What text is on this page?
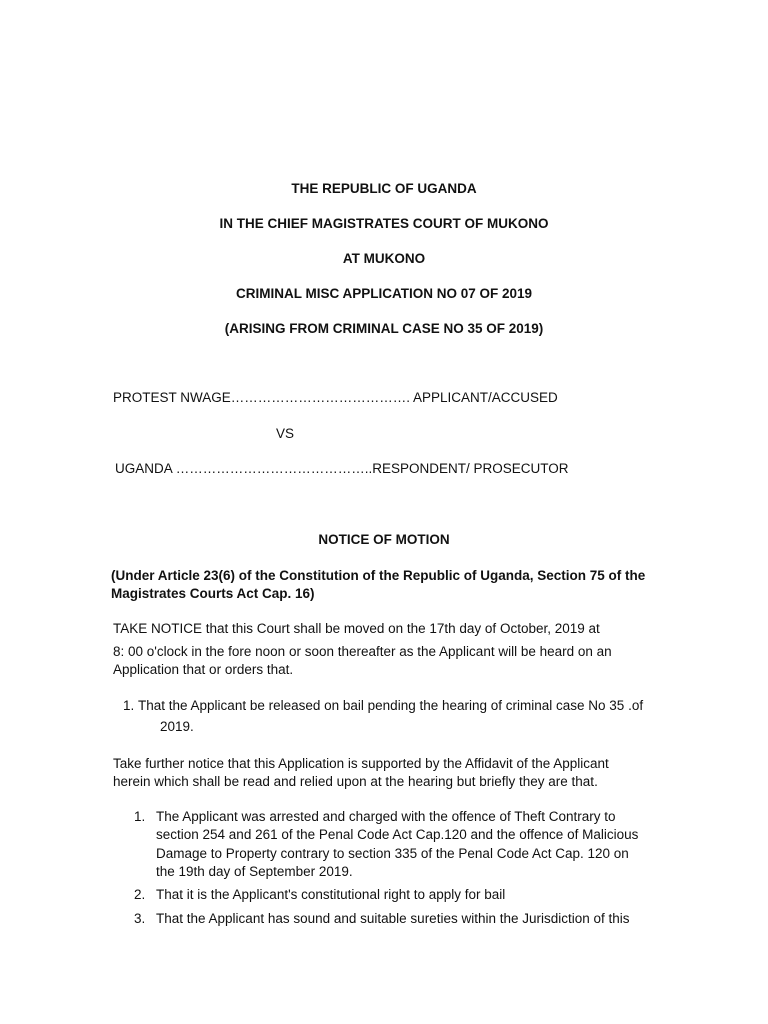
THE REPUBLIC OF UGANDA
IN THE CHIEF MAGISTRATES COURT OF MUKONO
AT MUKONO
CRIMINAL MISC APPLICATION NO 07 OF 2019
(ARISING FROM CRIMINAL CASE NO 35 OF 2019)
PROTEST NWAGE…………………………………. APPLICANT/ACCUSED
VS
UGANDA ……………………………………..RESPONDENT/ PROSECUTOR
NOTICE OF MOTION
(Under Article 23(6) of the Constitution of the Republic of Uganda, Section 75 of the
Magistrates Courts Act Cap. 16)
TAKE NOTICE that this Court shall be moved on the 17th day of October, 2019 at
8: 00 o'clock in the fore noon or soon thereafter as the Applicant will be heard on an
Application that or orders that.
1. That the Applicant be released on bail pending the hearing of criminal case No 35 .of
2019.
Take further notice that this Application is supported by the Affidavit of the Applicant
herein which shall be read and relied upon at the hearing but briefly they are that.
1. The Applicant was arrested and charged with the offence of Theft Contrary to
section 254 and 261 of the Penal Code Act Cap.120 and the offence of Malicious
Damage to Property contrary to section 335 of the Penal Code Act Cap. 120 on
the 19th day of September 2019.
2. That it is the Applicant's constitutional right to apply for bail
3. That the Applicant has sound and suitable sureties within the Jurisdiction of this
